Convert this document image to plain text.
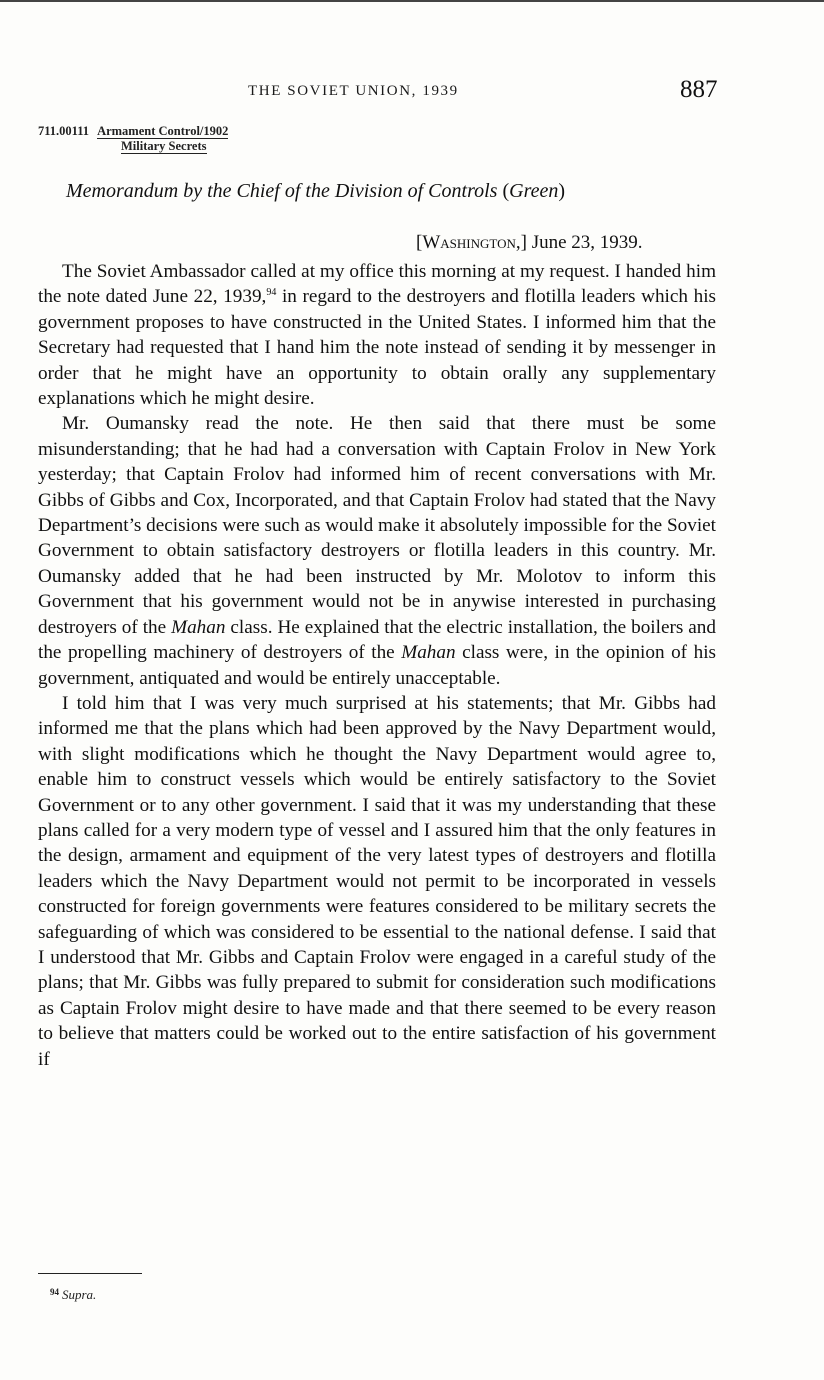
THE SOVIET UNION, 1939	887
711.00111 Armament Control/1902
Military Secrets
Memorandum by the Chief of the Division of Controls (Green)
[Washington,] June 23, 1939.

The Soviet Ambassador called at my office this morning at my request. I handed him the note dated June 22, 1939,94 in regard to the destroyers and flotilla leaders which his government proposes to have constructed in the United States. I informed him that the Secretary had requested that I hand him the note instead of sending it by messenger in order that he might have an opportunity to obtain orally any supplementary explanations which he might desire.

Mr. Oumansky read the note. He then said that there must be some misunderstanding; that he had had a conversation with Captain Frolov in New York yesterday; that Captain Frolov had informed him of recent conversations with Mr. Gibbs of Gibbs and Cox, Incorporated, and that Captain Frolov had stated that the Navy Department’s decisions were such as would make it absolutely impossible for the Soviet Government to obtain satisfactory destroyers or flotilla leaders in this country. Mr. Oumansky added that he had been instructed by Mr. Molotov to inform this Government that his government would not be in anywise interested in purchasing destroyers of the Mahan class. He explained that the electric installation, the boilers and the propelling machinery of destroyers of the Mahan class were, in the opinion of his government, antiquated and would be entirely unacceptable.

I told him that I was very much surprised at his statements; that Mr. Gibbs had informed me that the plans which had been approved by the Navy Department would, with slight modifications which he thought the Navy Department would agree to, enable him to construct vessels which would be entirely satisfactory to the Soviet Government or to any other government. I said that it was my understanding that these plans called for a very modern type of vessel and I assured him that the only features in the design, armament and equipment of the very latest types of destroyers and flotilla leaders which the Navy Department would not permit to be incorporated in vessels constructed for foreign governments were features considered to be military secrets the safeguarding of which was considered to be essential to the national defense. I said that I understood that Mr. Gibbs and Captain Frolov were engaged in a careful study of the plans; that Mr. Gibbs was fully prepared to submit for consideration such modifications as Captain Frolov might desire to have made and that there seemed to be every reason to believe that matters could be worked out to the entire satisfaction of his government if

$^{94}$ Supra.
